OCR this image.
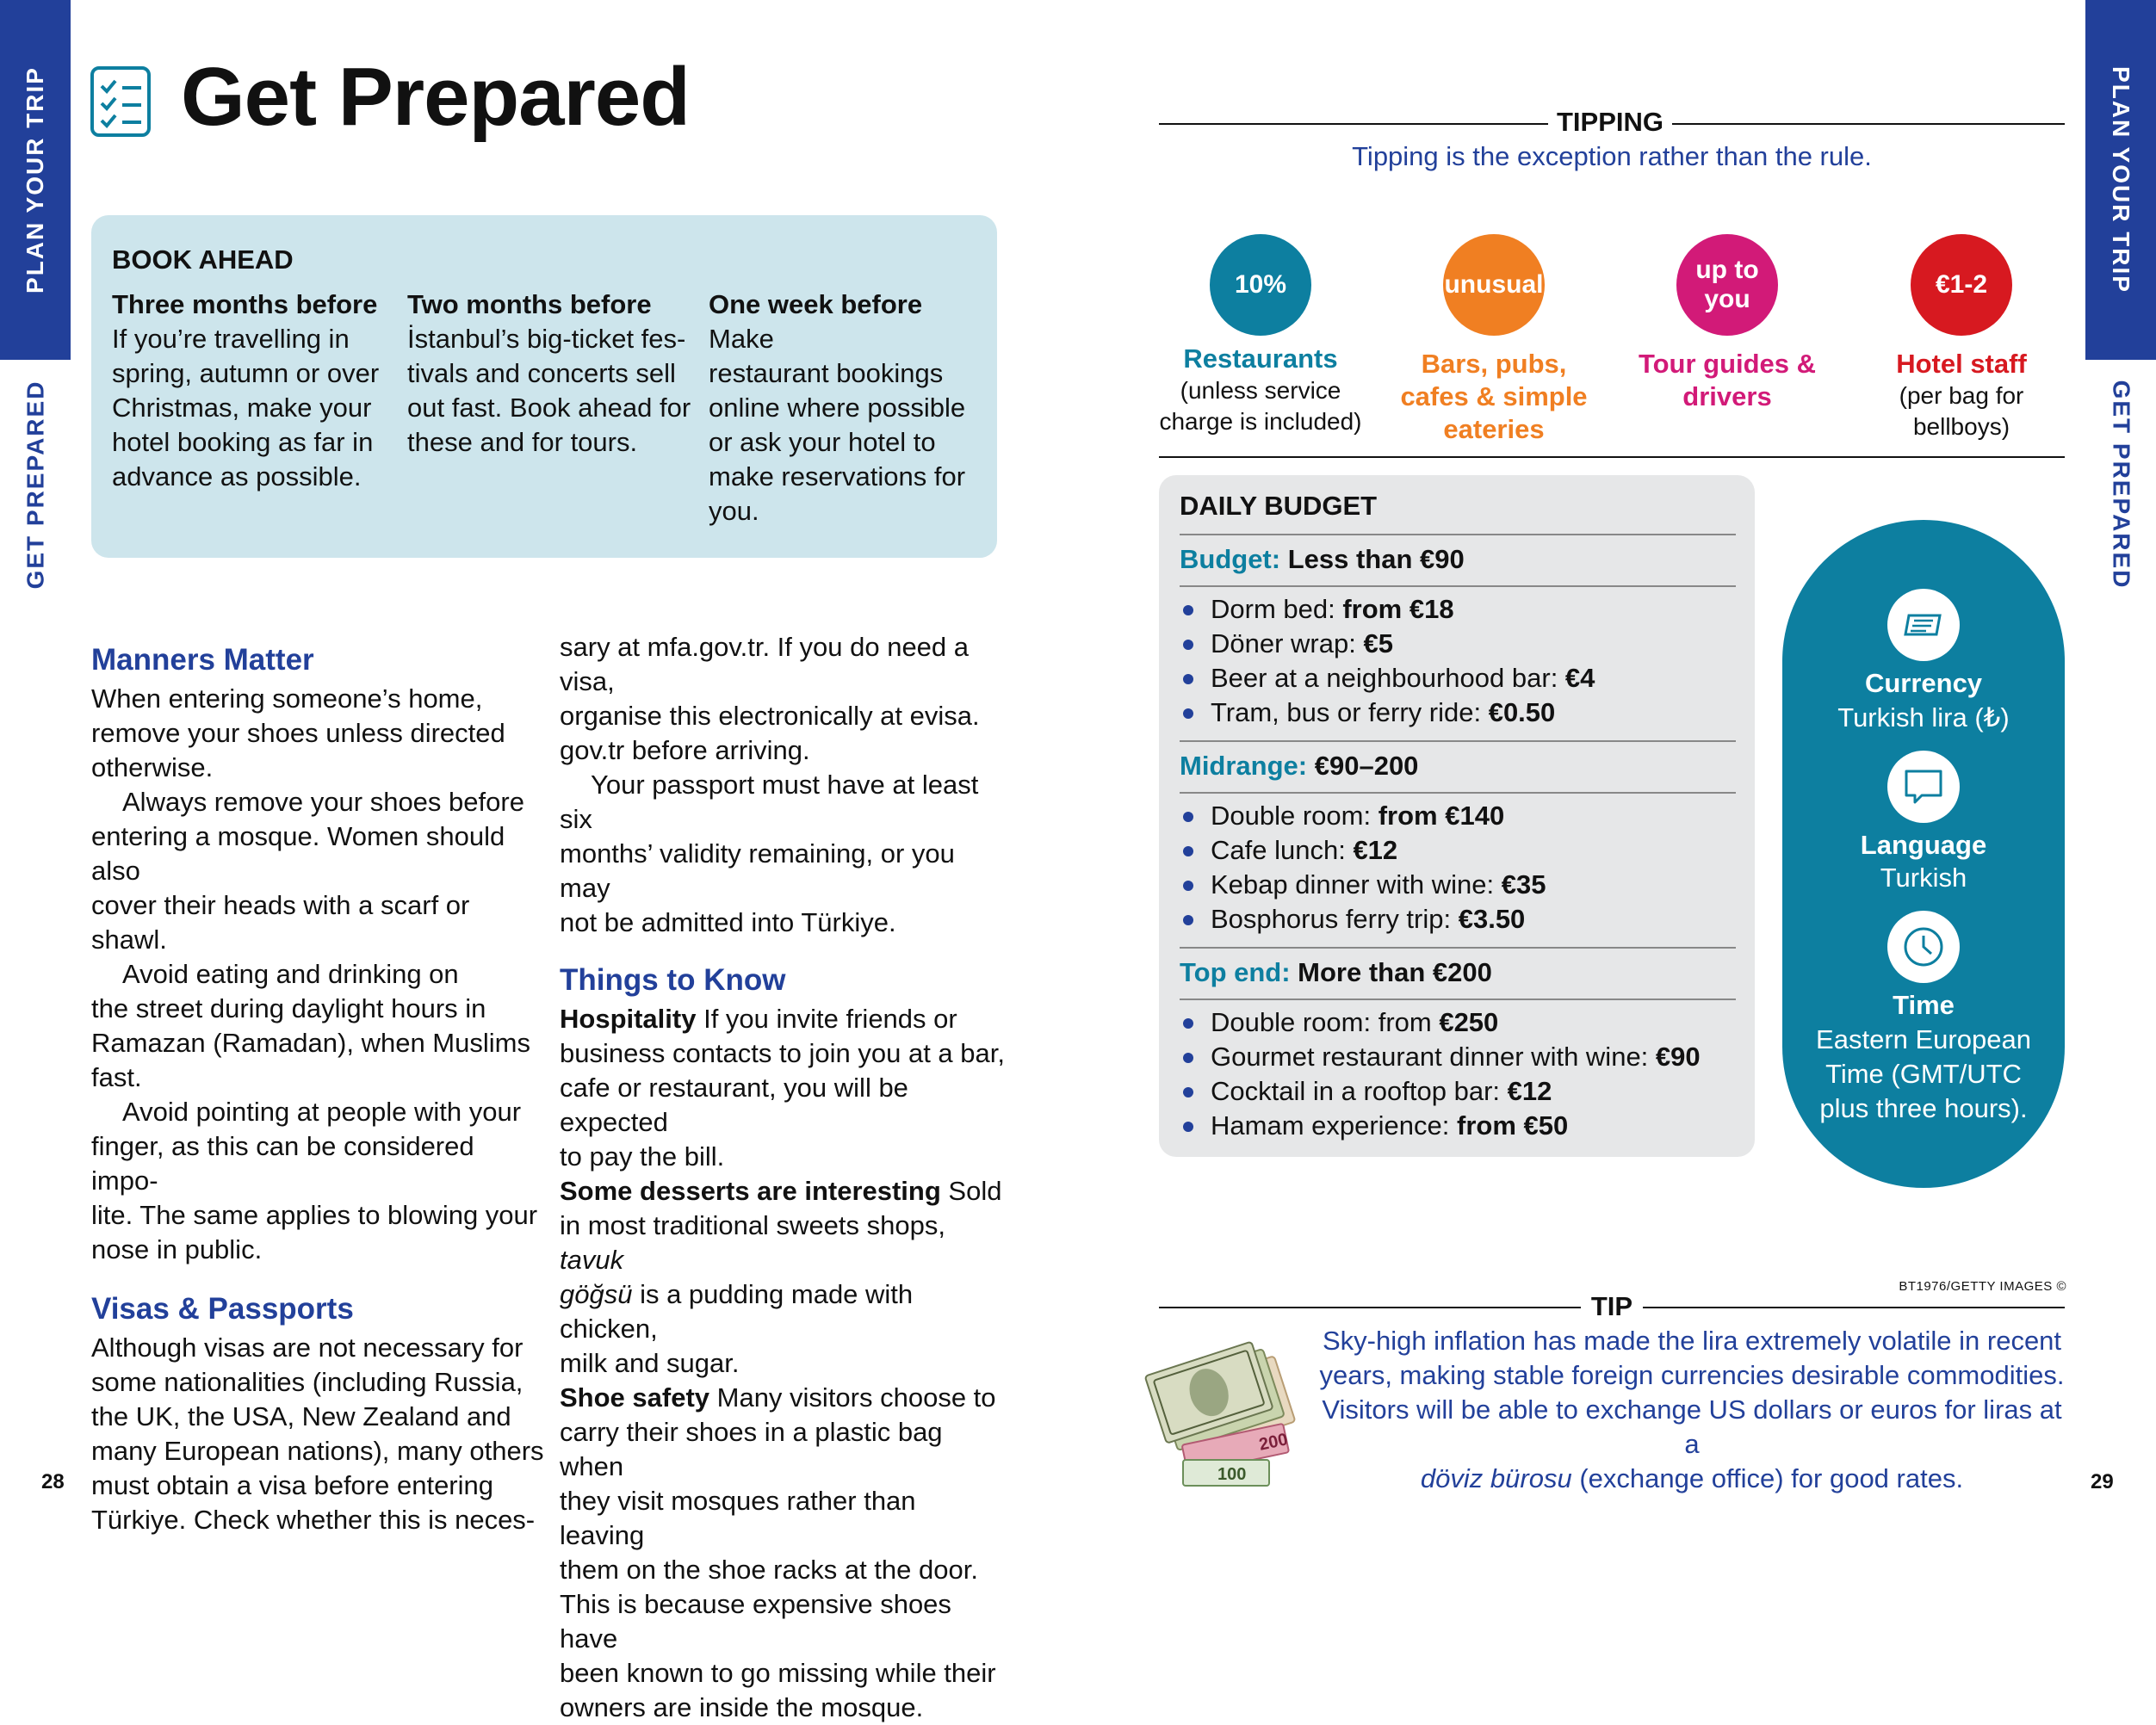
PLAN YOUR TRIP
GET PREPARED
PLAN YOUR TRIP
GET PREPARED
Get Prepared
BOOK AHEAD
Three months before
If you’re travelling in
spring, autumn or over
Christmas, make your
hotel booking as far in
advance as possible.
Two months before
İstanbul’s big-ticket fes-
tivals and concerts sell
out fast. Book ahead for
these and for tours.
One week before Make
restaurant bookings
online where possible
or ask your hotel to
make reservations for
you.
Manners Matter
When entering someone’s home,
remove your shoes unless directed
otherwise.
Always remove your shoes before
entering a mosque. Women should also
cover their heads with a scarf or shawl.
Avoid eating and drinking on
the street during daylight hours in
Ramazan (Ramadan), when Muslims
fast.
Avoid pointing at people with your
finger, as this can be considered impo-
lite. The same applies to blowing your
nose in public.
Visas & Passports
Although visas are not necessary for
some nationalities (including Russia,
the UK, the USA, New Zealand and
many European nations), many others
must obtain a visa before entering
Türkiye. Check whether this is neces-
sary at mfa.gov.tr. If you do need a visa,
organise this electronically at evisa.
gov.tr before arriving.
Your passport must have at least six
months’ validity remaining, or you may
not be admitted into Türkiye.
Things to Know
Hospitality If you invite friends or
business contacts to join you at a bar,
cafe or restaurant, you will be expected
to pay the bill.
Some desserts are interesting Sold
in most traditional sweets shops, tavuk
göğsü is a pudding made with chicken,
milk and sugar.
Shoe safety Many visitors choose to
carry their shoes in a plastic bag when
they visit mosques rather than leaving
them on the shoe racks at the door.
This is because expensive shoes have
been known to go missing while their
owners are inside the mosque.
TIPPING
Tipping is the exception rather than the rule.
10%	unusual
up to
you
€1-2
Restaurants
(unless service
charge is included)
Bars, pubs,
cafes & simple
eateries
Tour guides &
drivers
Hotel staff
(per bag for
bellboys)
DAILY BUDGET
Budget: Less than €90
Dorm bed: from €18
Döner wrap: €5
Beer at a neighbourhood bar: €4
Tram, bus or ferry ride: €0.50
Midrange: €90–200
Double room: from €140
Cafe lunch: €12
Kebap dinner with wine: €35
Bosphorus ferry trip: €3.50
Top end: More than €200
Double room: from €250
Gourmet restaurant dinner with wine: €90
Cocktail in a rooftop bar: €12
Hamam experience: from €50
Currency
Turkish lira (₺)
Language
Turkish
Time
Eastern European
Time (GMT/UTC
plus three hours).
BT1976/GETTY IMAGES ©
TIP
200
100
Sky-high inflation has made the lira extremely volatile in recent
years, making stable foreign currencies desirable commodities.
Visitors will be able to exchange US dollars or euros for liras at a
döviz bürosu (exchange office) for good rates.
28	29
